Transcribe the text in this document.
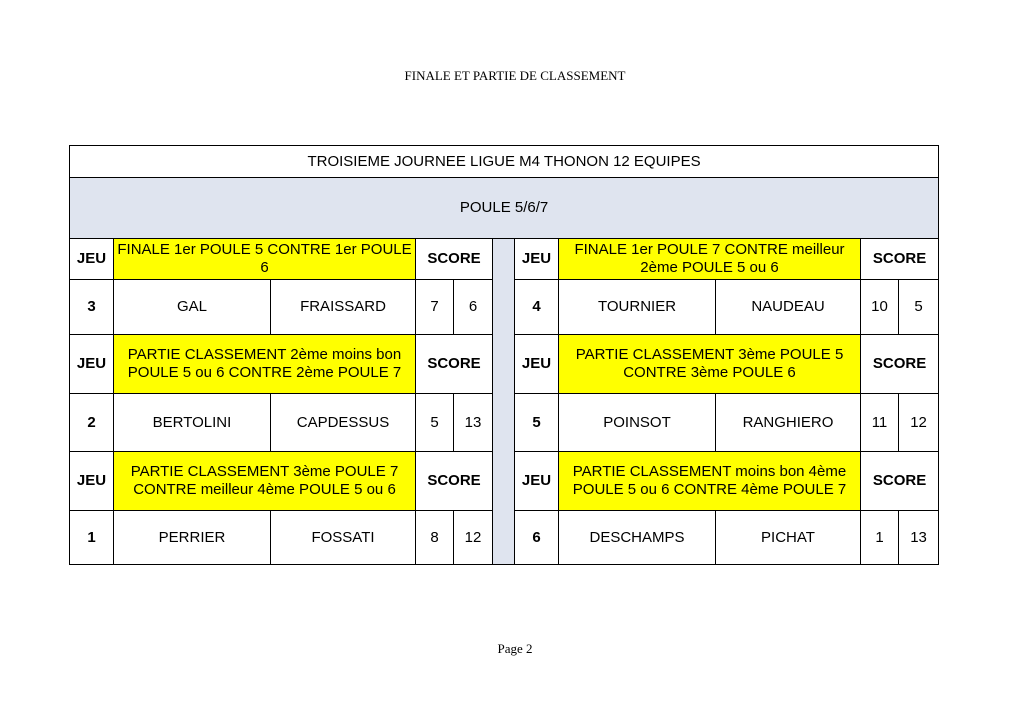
FINALE ET PARTIE DE CLASSEMENT
TROISIEME JOURNEE LIGUE M4 THONON 12 EQUIPES										
POULE 5/6/7										
JEU	FINALE 1er POULE 5 CONTRE 1er POULE 6		SCORE			JEU	FINALE 1er POULE 7 CONTRE meilleur 2ème POULE 5 ou 6		SCORE	
3	GAL	FRAISSARD	7	6		4	TOURNIER	NAUDEAU	10	5
JEU	PARTIE CLASSEMENT 2ème moins bon POULE 5 ou 6 CONTRE 2ème POULE 7		SCORE			JEU	PARTIE CLASSEMENT 3ème POULE 5 CONTRE 3ème POULE 6		SCORE	
2	BERTOLINI	CAPDESSUS	5	13		5	POINSOT	RANGHIERO	11	12
JEU	PARTIE CLASSEMENT 3ème POULE 7 CONTRE meilleur 4ème POULE 5 ou 6		SCORE			JEU	PARTIE CLASSEMENT moins bon 4ème POULE 5 ou 6 CONTRE 4ème POULE 7		SCORE	
1	PERRIER	FOSSATI	8	12		6	DESCHAMPS	PICHAT	1	13
Page 2
